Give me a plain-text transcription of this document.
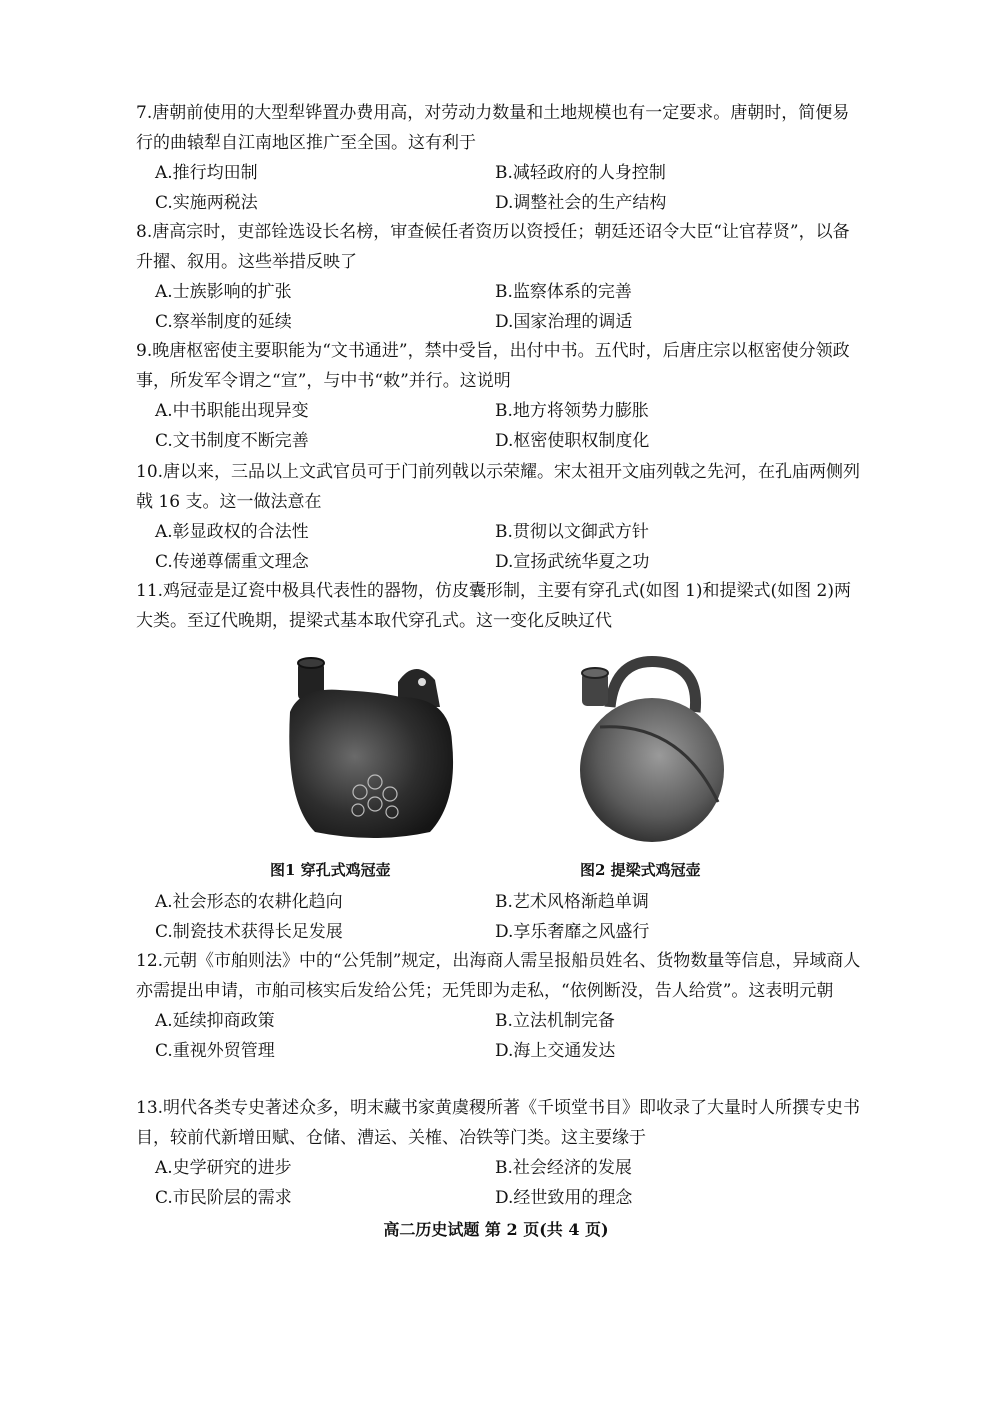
7.唐朝前使用的大型犁铧置办费用高，对劳动力数量和土地规模也有一定要求。唐朝时，简便易行的曲辕犁自江南地区推广至全国。这有利于
A.推行均田制	B.减轻政府的人身控制
C.实施两税法	D.调整社会的生产结构
8.唐高宗时，吏部铨选设长名榜，审查候任者资历以资授任；朝廷还诏令大臣“让官荐贤”，以备升擢、叙用。这些举措反映了
A.士族影响的扩张	B.监察体系的完善
C.察举制度的延续	D.国家治理的调适
9.晚唐枢密使主要职能为“文书通进”，禁中受旨，出付中书。五代时，后唐庄宗以枢密使分领政事，所发军令谓之“宣”，与中书“敕”并行。这说明
A.中书职能出现异变	B.地方将领势力膨胀
C.文书制度不断完善	D.枢密使职权制度化
10.唐以来，三品以上文武官员可于门前列戟以示荣耀。宋太祖开文庙列戟之先河，在孔庙两侧列戟 16 支。这一做法意在
A.彰显政权的合法性	B.贯彻以文御武方针
C.传递尊儒重文理念	D.宣扬武统华夏之功
11.鸡冠壶是辽瓷中极具代表性的器物，仿皮囊形制，主要有穿孔式(如图 1)和提梁式(如图 2)两大类。至辽代晚期，提梁式基本取代穿孔式。这一变化反映辽代
图1 穿孔式鸡冠壶	图2 提梁式鸡冠壶
A.社会形态的农耕化趋向	B.艺术风格渐趋单调
C.制瓷技术获得长足发展	D.享乐奢靡之风盛行
12.元朝《市舶则法》中的“公凭制”规定，出海商人需呈报船员姓名、货物数量等信息，异域商人亦需提出申请，市舶司核实后发给公凭；无凭即为走私，“依例断没，告人给赏”。这表明元朝
A.延续抑商政策	B.立法机制完备
C.重视外贸管理	D.海上交通发达
13.明代各类专史著述众多，明末藏书家黄虞稷所著《千顷堂书目》即收录了大量时人所撰专史书目，较前代新增田赋、仓储、漕运、关榷、冶铁等门类。这主要缘于
A.史学研究的进步	B.社会经济的发展
C.市民阶层的需求	D.经世致用的理念
高二历史试题 第 2 页(共 4 页)
